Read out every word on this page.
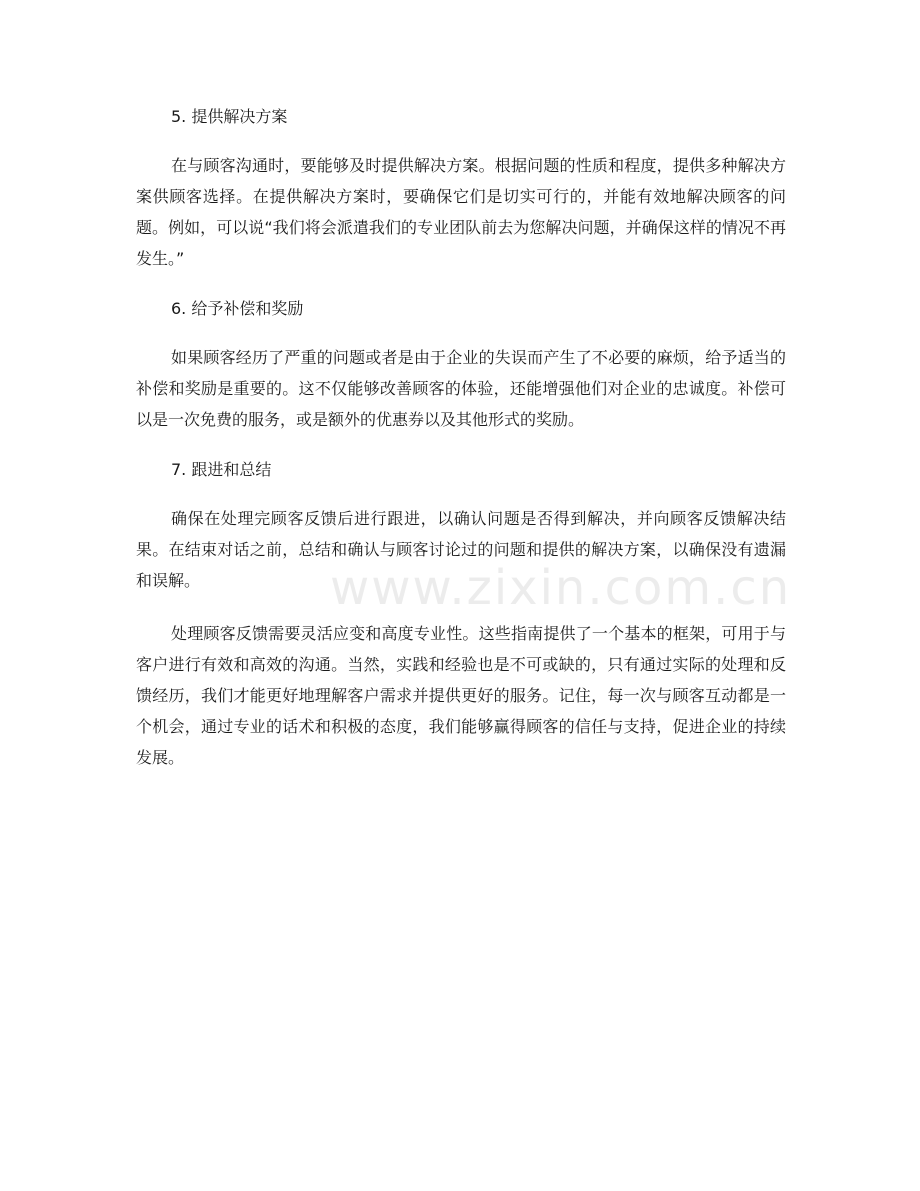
www.zixin.com.cn
5. 提供解决方案

在与顾客沟通时，要能够及时提供解决方案。根据问题的性质和程度，提供多种解决方案供顾客选择。在提供解决方案时，要确保它们是切实可行的，并能有效地解决顾客的问题。例如，可以说“我们将会派遣我们的专业团队前去为您解决问题，并确保这样的情况不再发生。”

6. 给予补偿和奖励

如果顾客经历了严重的问题或者是由于企业的失误而产生了不必要的麻烦，给予适当的补偿和奖励是重要的。这不仅能够改善顾客的体验，还能增强他们对企业的忠诚度。补偿可以是一次免费的服务，或是额外的优惠券以及其他形式的奖励。

7. 跟进和总结

确保在处理完顾客反馈后进行跟进，以确认问题是否得到解决，并向顾客反馈解决结果。在结束对话之前，总结和确认与顾客讨论过的问题和提供的解决方案，以确保没有遗漏和误解。

处理顾客反馈需要灵活应变和高度专业性。这些指南提供了一个基本的框架，可用于与客户进行有效和高效的沟通。当然，实践和经验也是不可或缺的，只有通过实际的处理和反馈经历，我们才能更好地理解客户需求并提供更好的服务。记住，每一次与顾客互动都是一个机会，通过专业的话术和积极的态度，我们能够赢得顾客的信任与支持，促进企业的持续发展。
